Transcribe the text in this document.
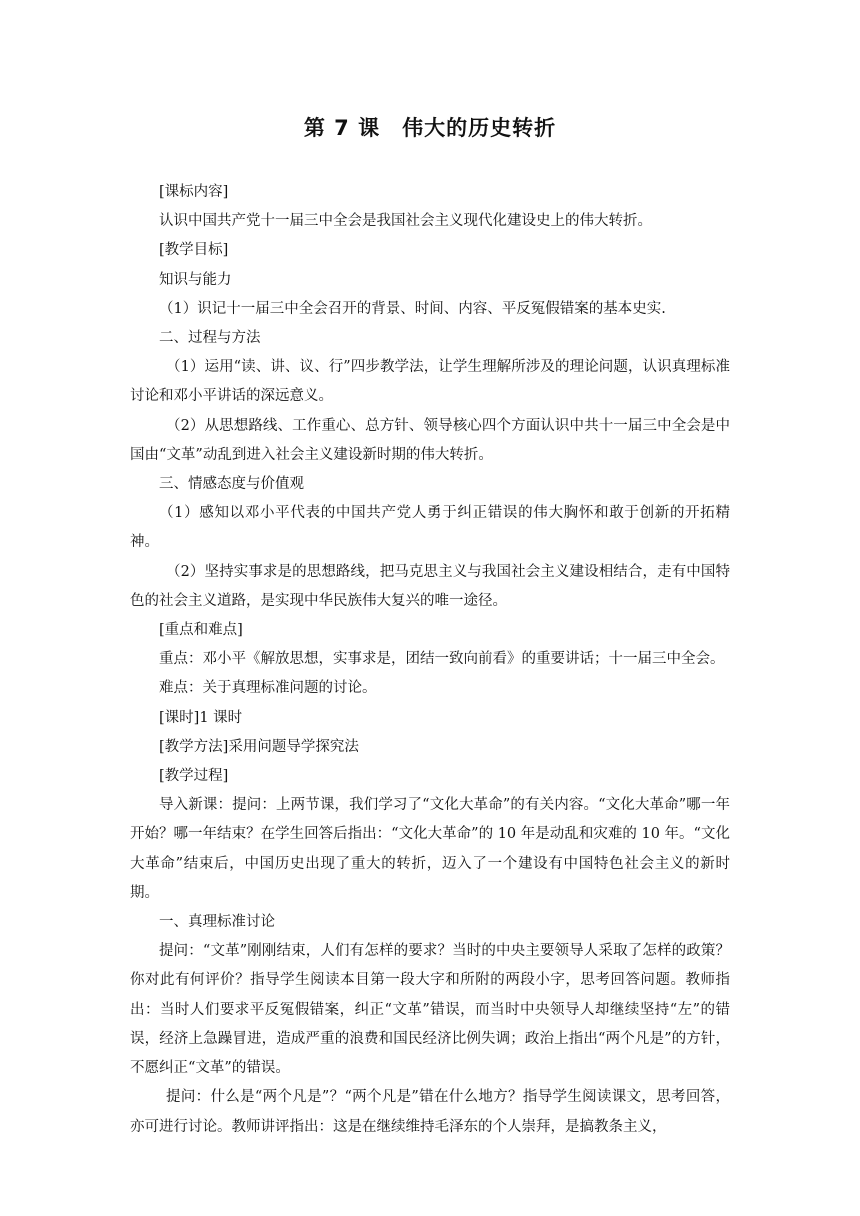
第 7 课　伟大的历史转折

[课标内容]

认识中国共产党十一届三中全会是我国社会主义现代化建设史上的伟大转折。

[教学目标]

知识与能力

（1）识记十一届三中全会召开的背景、时间、内容、平反冤假错案的基本史实.

二、过程与方法

（1）运用“读、讲、议、行”四步教学法，让学生理解所涉及的理论问题，认识真理标准讨论和邓小平讲话的深远意义。

（2）从思想路线、工作重心、总方针、领导核心四个方面认识中共十一届三中全会是中国由“文革”动乱到进入社会主义建设新时期的伟大转折。

三、情感态度与价值观

（1）感知以邓小平代表的中国共产党人勇于纠正错误的伟大胸怀和敢于创新的开拓精神。

（2）坚持实事求是的思想路线，把马克思主义与我国社会主义建设相结合，走有中国特色的社会主义道路，是实现中华民族伟大复兴的唯一途径。

[重点和难点]

重点：邓小平《解放思想，实事求是，团结一致向前看》的重要讲话；十一届三中全会。

难点：关于真理标准问题的讨论。

[课时]1 课时

[教学方法]采用问题导学探究法

[教学过程]

导入新课：提问：上两节课，我们学习了“文化大革命”的有关内容。“文化大革命”哪一年开始？哪一年结束？在学生回答后指出：“文化大革命”的 10 年是动乱和灾难的 10 年。“文化大革命”结束后，中国历史出现了重大的转折，迈入了一个建设有中国特色社会主义的新时期。

一、真理标准讨论

提问：“文革”刚刚结束，人们有怎样的要求？当时的中央主要领导人采取了怎样的政策？你对此有何评价？指导学生阅读本目第一段大字和所附的两段小字，思考回答问题。教师指出：当时人们要求平反冤假错案，纠正“文革”错误，而当时中央领导人却继续坚持“左”的错误，经济上急躁冒进，造成严重的浪费和国民经济比例失调；政治上指出“两个凡是”的方针，不愿纠正“文革”的错误。

提问：什么是“两个凡是”？“两个凡是”错在什么地方？指导学生阅读课文，思考回答，亦可进行讨论。教师讲评指出：这是在继续维持毛泽东的个人崇拜，是搞教条主义，
